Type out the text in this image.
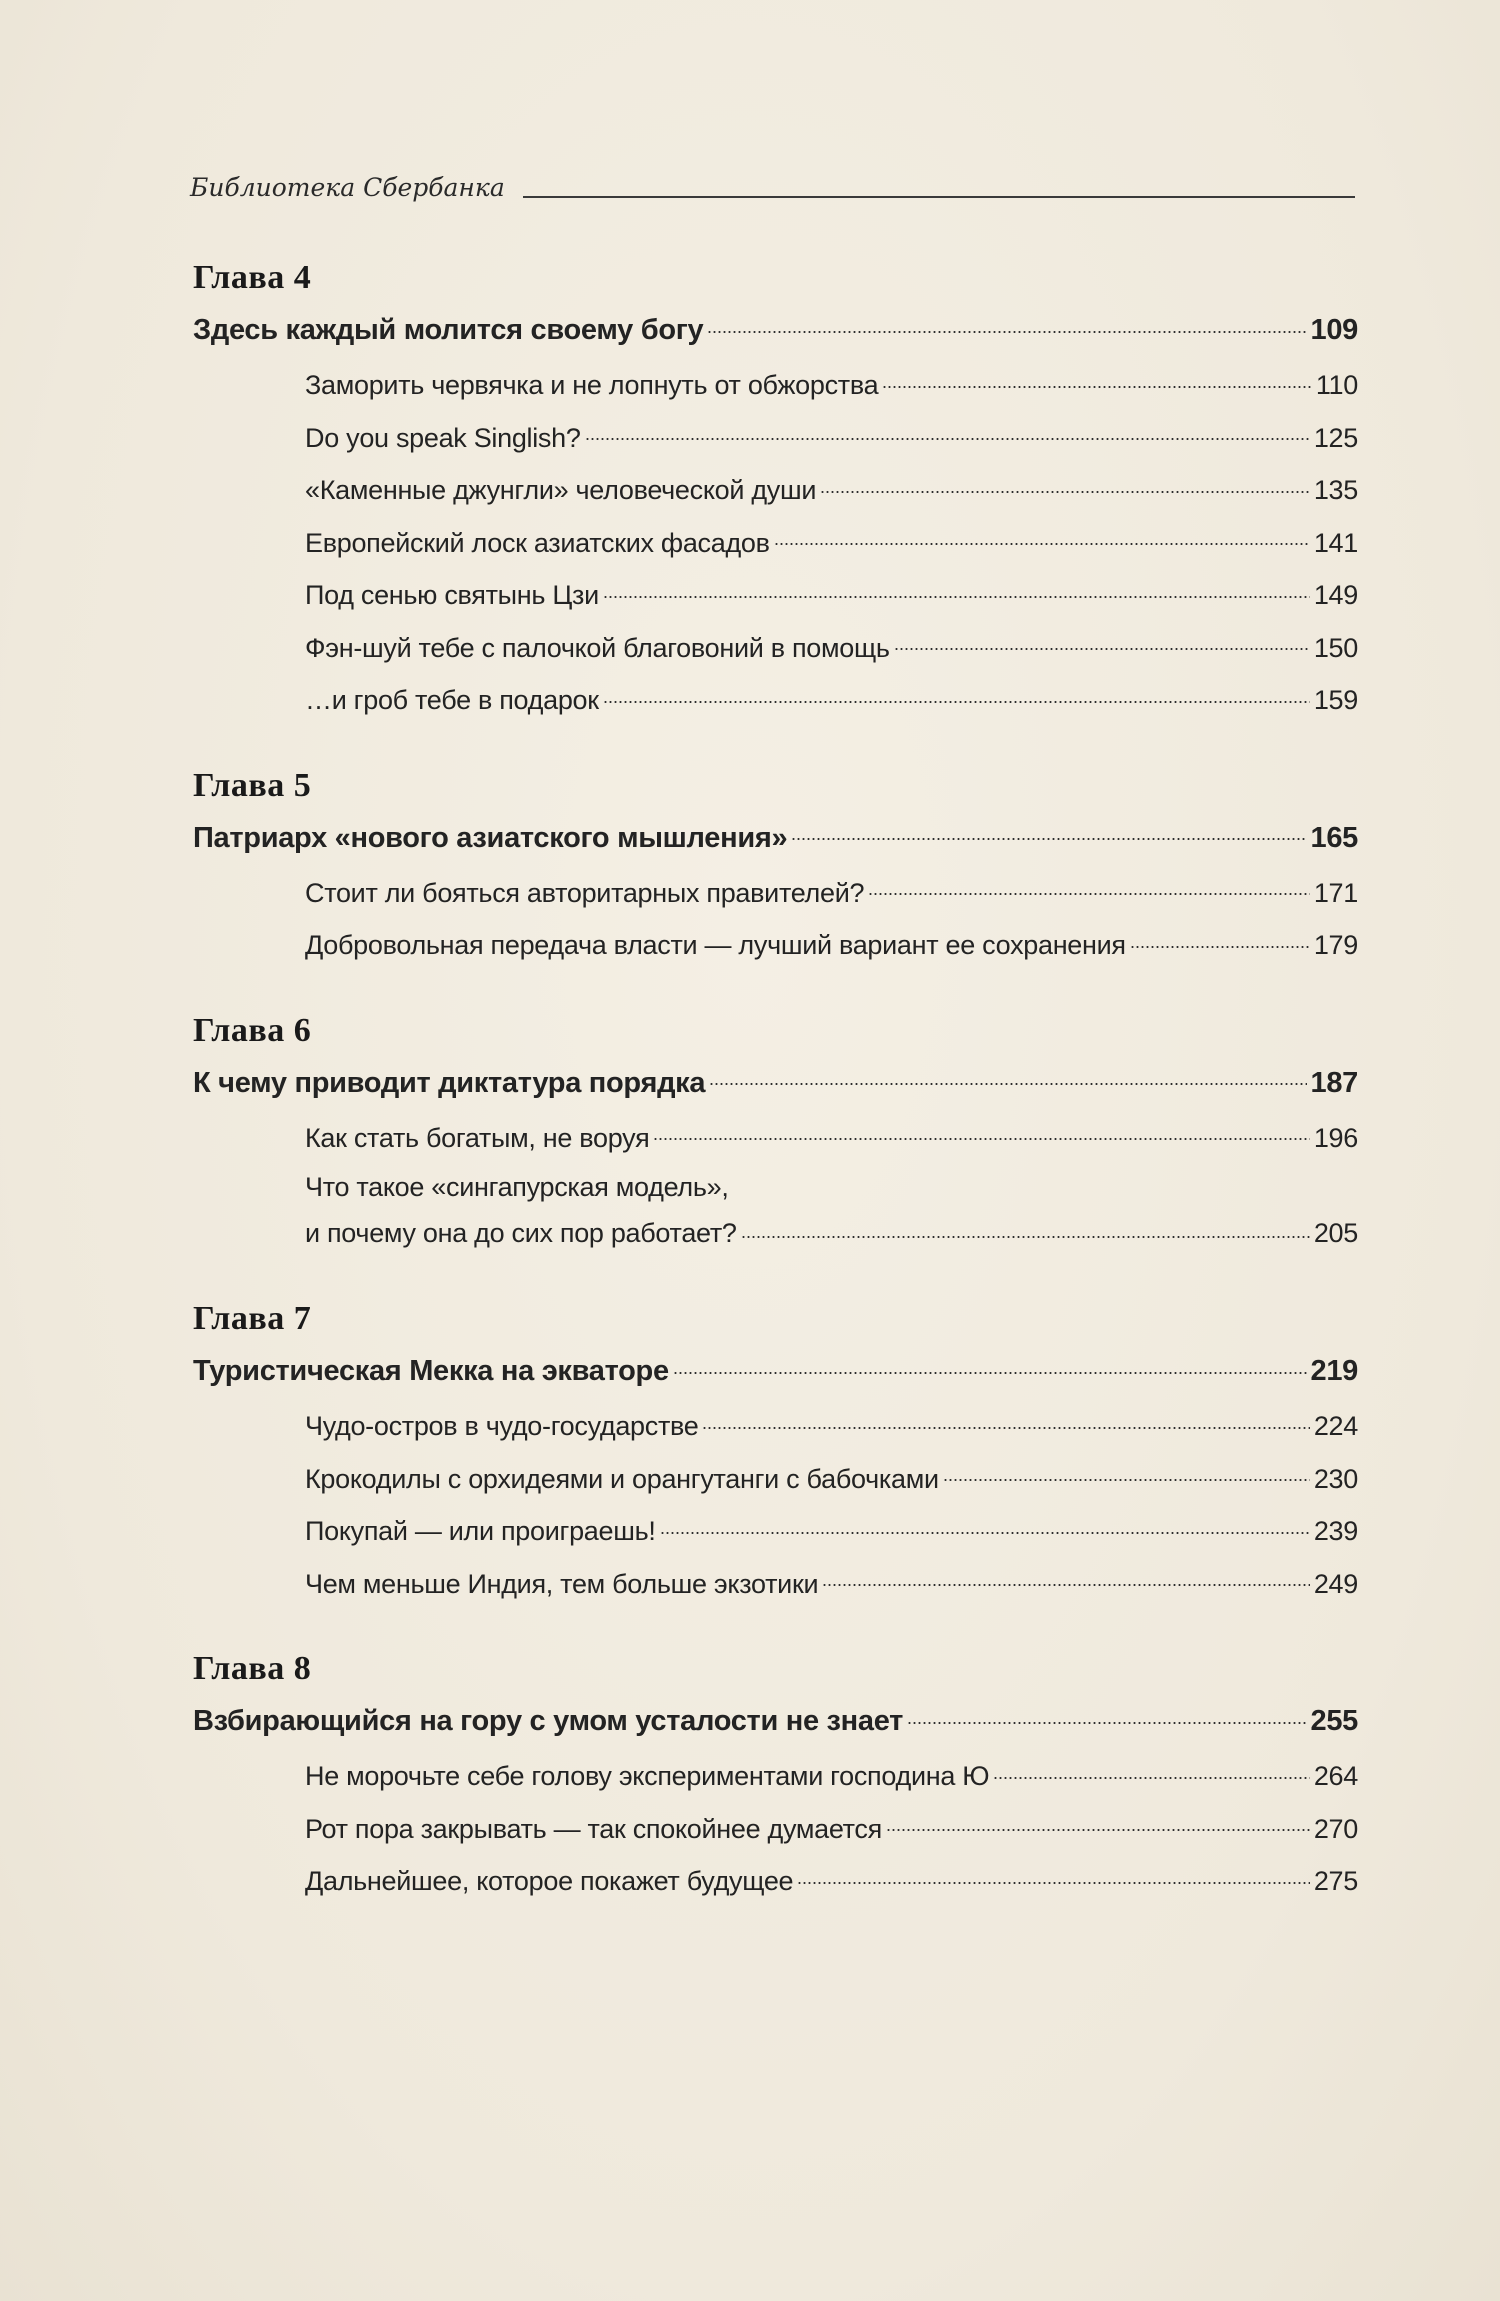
Библиотека Сбербанка
Глава 4
Здесь каждый молится своему богу	109
Заморить червячка и не лопнуть от обжорства	110
Do you speak Singlish?	125
«Каменные джунгли» человеческой души	135
Европейский лоск азиатских фасадов	141
Под сенью святынь Цзи	149
Фэн-шуй тебе с палочкой благовоний в помощь	150
…и гроб тебе в подарок	159
Глава 5
Патриарх «нового азиатского мышления»	165
Стоит ли бояться авторитарных правителей?	171
Добровольная передача власти — лучший вариант ее сохранения	179
Глава 6
К чему приводит диктатура порядка	187
Как стать богатым, не воруя	196
Что такое «сингапурская модель»,
и почему она до сих пор работает?	205
Глава 7
Туристическая Мекка на экваторе	219
Чудо-остров в чудо-государстве	224
Крокодилы с орхидеями и орангутанги с бабочками	230
Покупай — или проиграешь!	239
Чем меньше Индия, тем больше экзотики	249
Глава 8
Взбирающийся на гору с умом усталости не знает	255
Не морочьте себе голову экспериментами господина Ю	264
Рот пора закрывать — так спокойнее думается	270
Дальнейшее, которое покажет будущее	275
